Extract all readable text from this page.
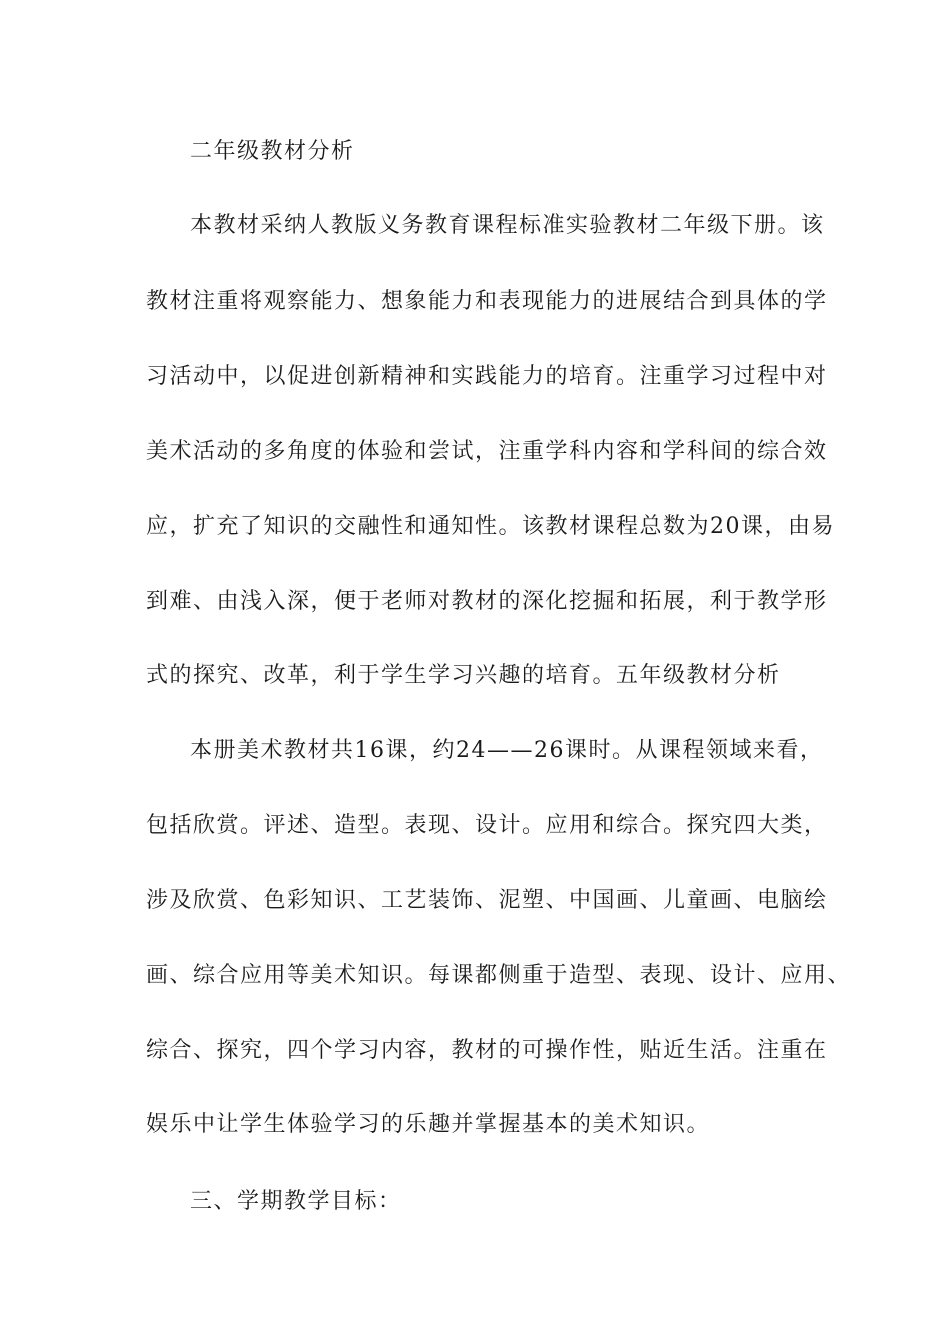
二年级教材分析
本教材采纳人教版义务教育课程标准实验教材二年级下册。该
教材注重将观察能力、想象能力和表现能力的进展结合到具体的学
习活动中，以促进创新精神和实践能力的培育。注重学习过程中对
美术活动的多角度的体验和尝试，注重学科内容和学科间的综合效
应，扩充了知识的交融性和通知性。该教材课程总数为20课，由易
到难、由浅入深，便于老师对教材的深化挖掘和拓展，利于教学形
式的探究、改革，利于学生学习兴趣的培育。五年级教材分析
本册美术教材共16课，约24——26课时。从课程领域来看，
包括欣赏。评述、造型。表现、设计。应用和综合。探究四大类，
涉及欣赏、色彩知识、工艺装饰、泥塑、中国画、儿童画、电脑绘
画、综合应用等美术知识。每课都侧重于造型、表现、设计、应用、
综合、探究，四个学习内容，教材的可操作性，贴近生活。注重在
娱乐中让学生体验学习的乐趣并掌握基本的美术知识。
三、学期教学目标：
